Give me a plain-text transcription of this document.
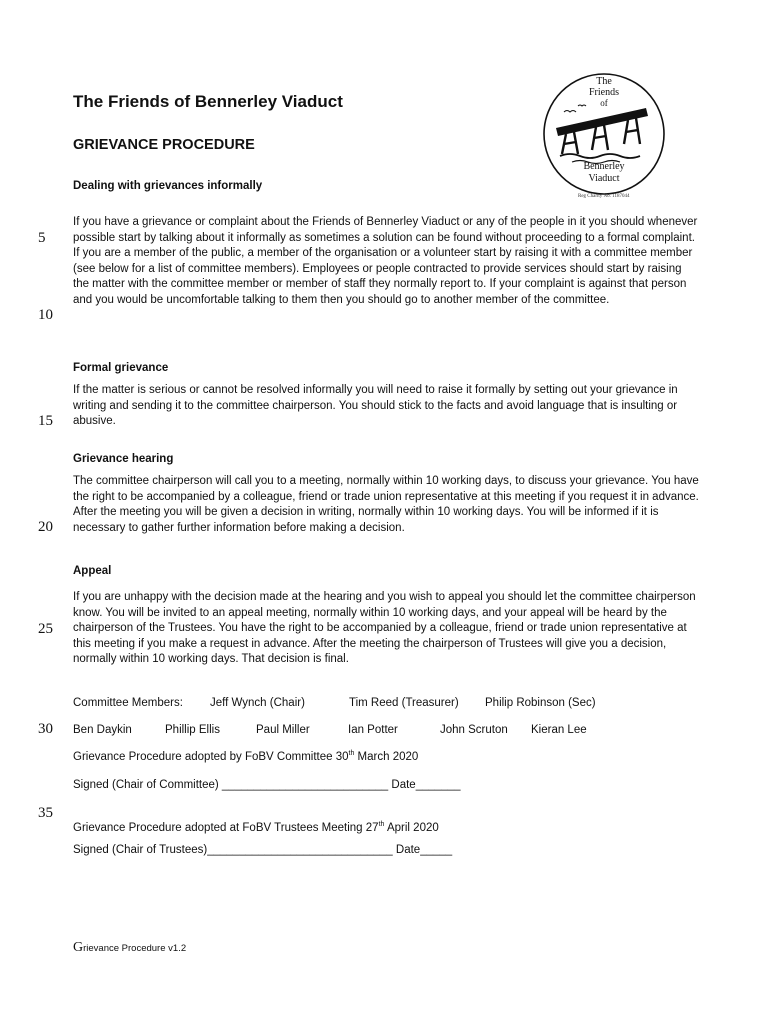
The Friends of Bennerley Viaduct
GRIEVANCE PROCEDURE
The
Friends
of
Bennerley
Viaduct
Reg Charity No. 1187044
Dealing with grievances informally
If you have a grievance or complaint about the Friends of Bennerley Viaduct or any of the people in it you should whenever possible start by talking about it informally as sometimes a solution can be found without proceeding to a formal complaint. If you are a member of the public, a member of the organisation or a volunteer start by raising it with a committee member (see below for a list of committee members). Employees or people contracted to provide services should start by raising the matter with the committee member or member of staff they normally report to. If your complaint is against that person and you would be uncomfortable talking to them then you should go to another member of the committee.
Formal grievance
If the matter is serious or cannot be resolved informally you will need to raise it formally by setting out your grievance in writing and sending it to the committee chairperson. You should stick to the facts and avoid language that is insulting or abusive.
Grievance hearing
The committee chairperson will call you to a meeting, normally within 10 working days, to discuss your grievance. You have the right to be accompanied by a colleague, friend or trade union representative at this meeting if you request it in advance. After the meeting you will be given a decision in writing, normally within 10 working days. You will be informed if it is necessary to gather further information before making a decision.
Appeal
If you are unhappy with the decision made at the hearing and you wish to appeal you should let the committee chairperson know. You will be invited to an appeal meeting, normally within 10 working days, and your appeal will be heard by the chairperson of the Trustees. You have the right to be accompanied by a colleague, friend or trade union representative at this meeting if you make a request in advance. After the meeting the chairperson of Trustees will give you a decision, normally within 10 working days. That decision is final.
Committee Members: Jeff Wynch (Chair)	Tim Reed (Treasurer) Philip Robinson (Sec)
Ben Daykin	Phillip Ellis	Paul Miller	Ian Potter	John Scruton Kieran Lee
Grievance Procedure adopted by FoBV Committee 30th March 2020
Signed (Chair of Committee) __________________________ Date_______
Grievance Procedure adopted at FoBV Trustees Meeting 27th April 2020
Signed (Chair of Trustees)_____________________________ Date_____
5
10
15
20
25
30
35
Grievance Procedure v1.2
